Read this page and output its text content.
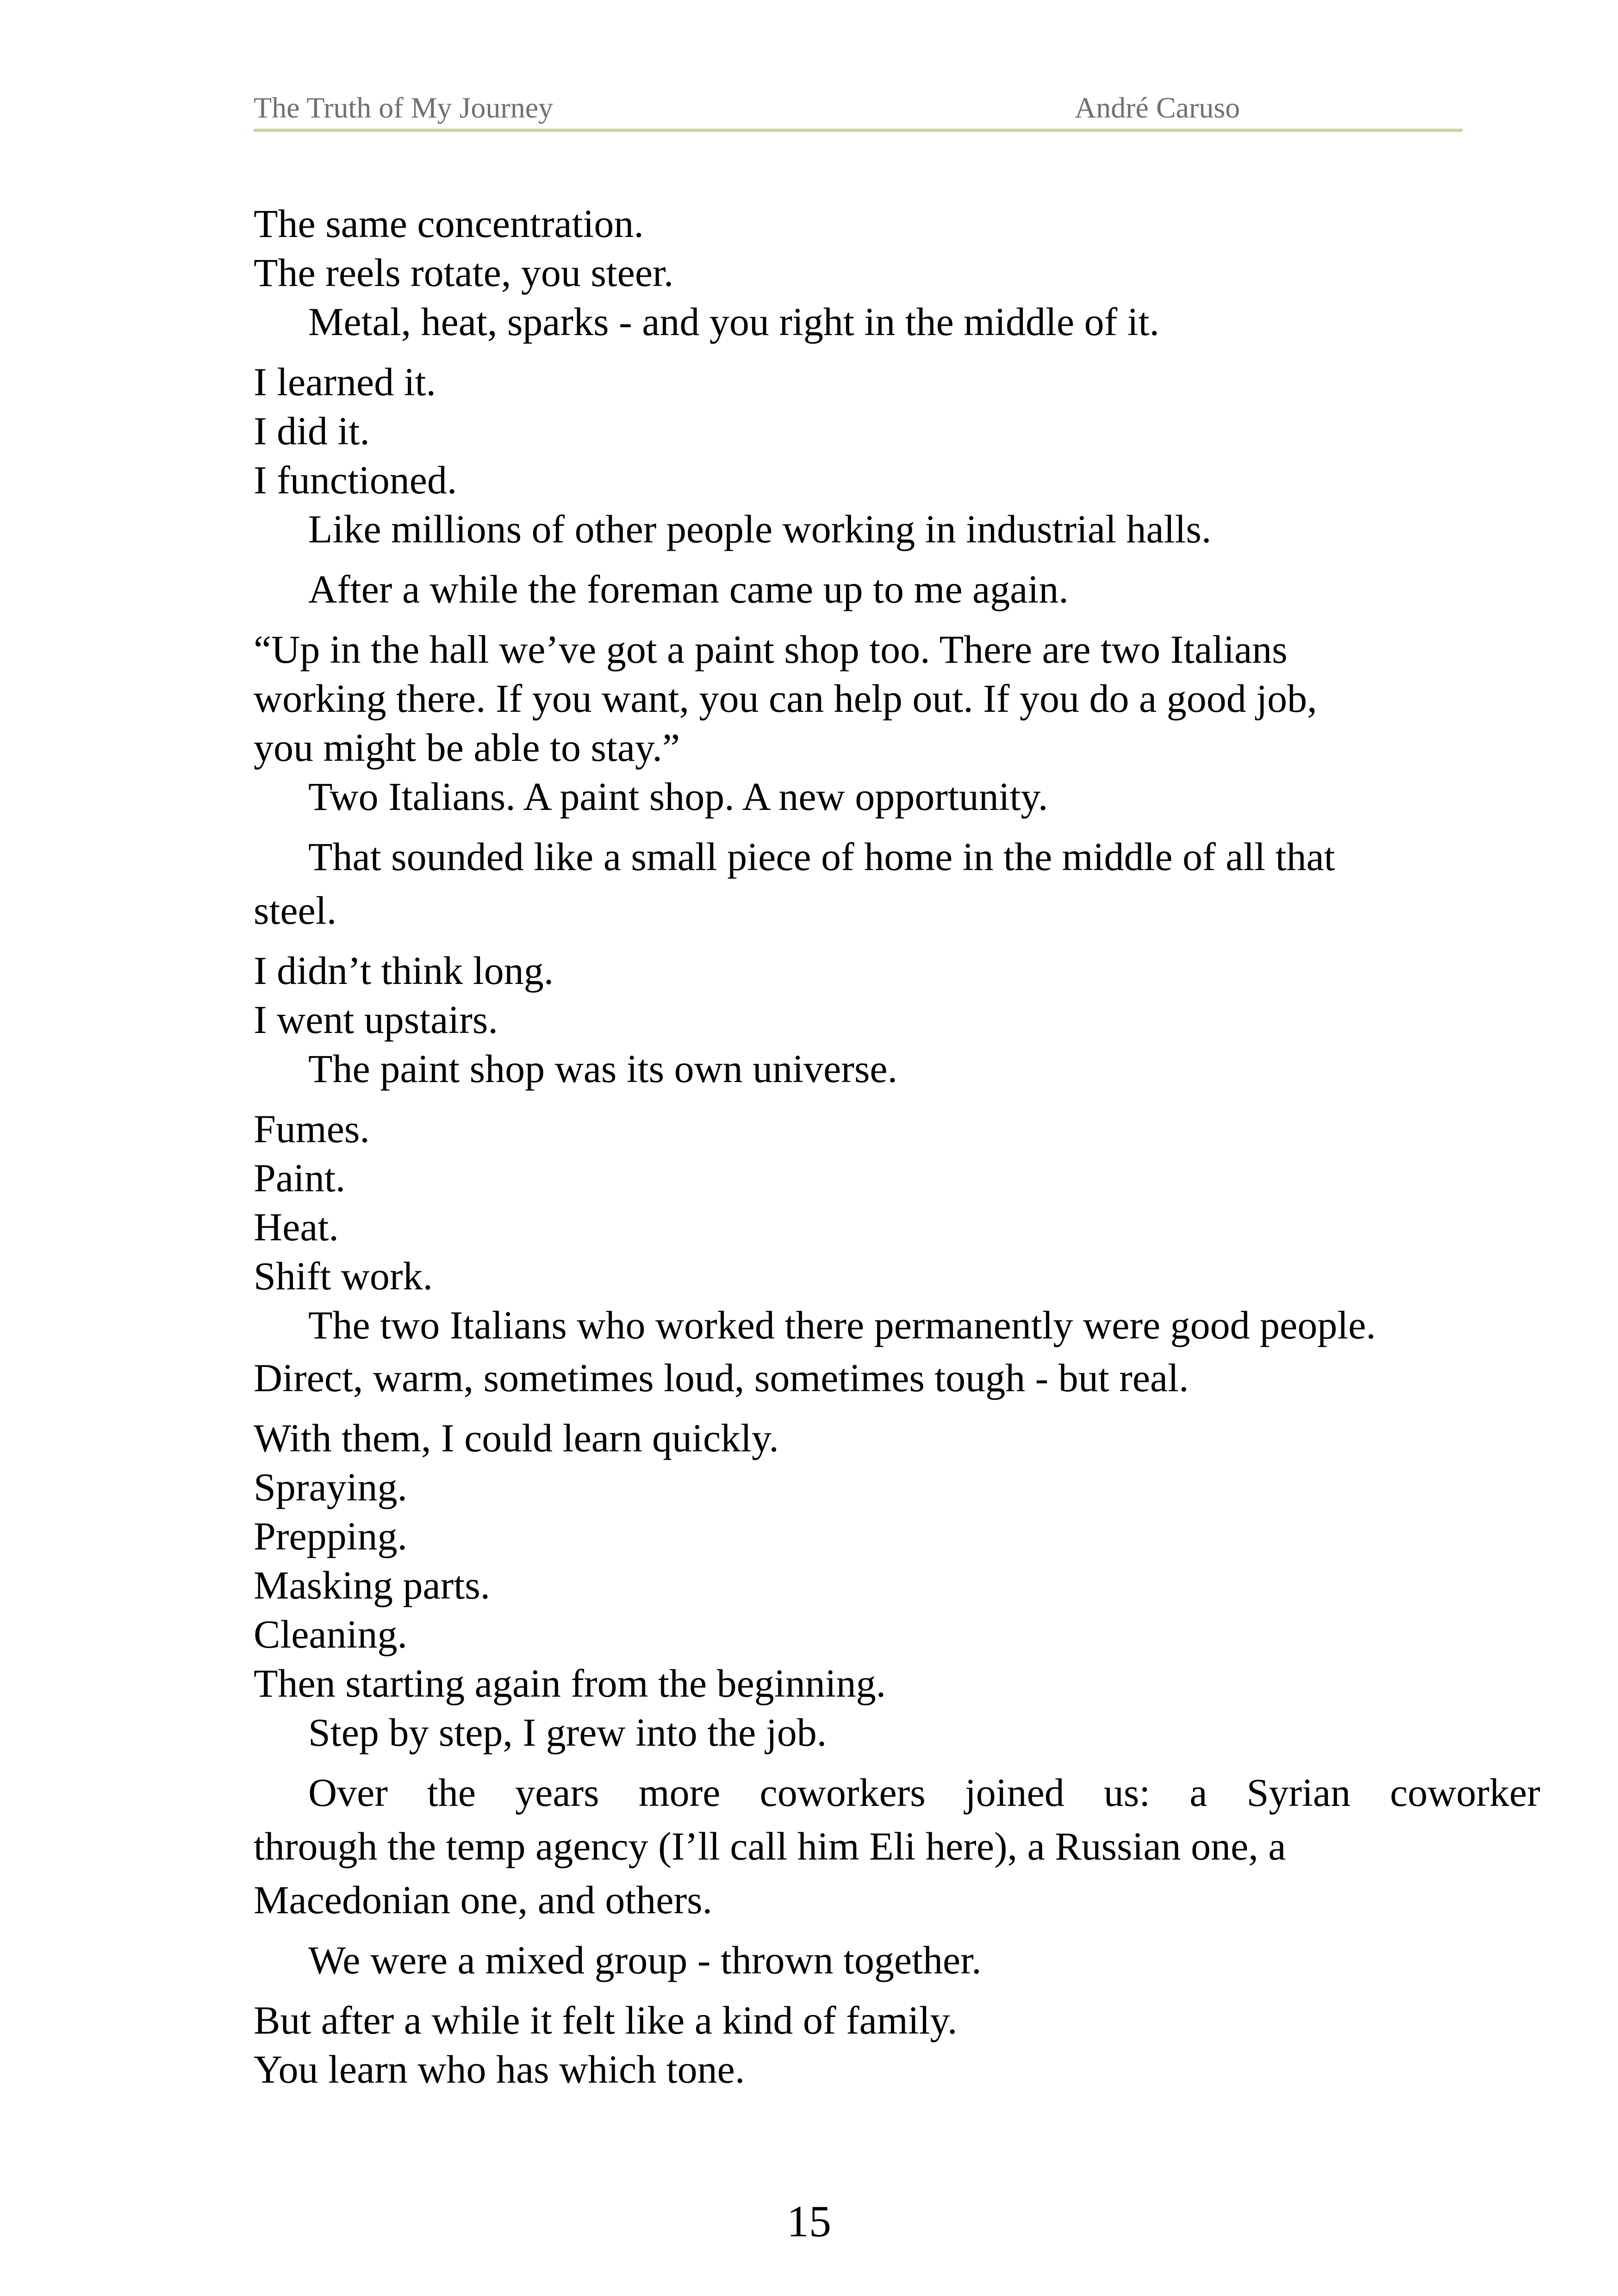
The Truth of My Journey	André Caruso
The same concentration.
The reels rotate, you steer.
Metal, heat, sparks - and you right in the middle of it.
I learned it.
I did it.
I functioned.
Like millions of other people working in industrial halls.
After a while the foreman came up to me again.
“Up in the hall we’ve got a paint shop too. There are two Italians
working there. If you want, you can help out. If you do a good job,
you might be able to stay.”
Two Italians. A paint shop. A new opportunity.
That sounded like a small piece of home in the middle of all that
steel.
I didn’t think long.
I went upstairs.
The paint shop was its own universe.
Fumes.
Paint.
Heat.
Shift work.
The two Italians who worked there permanently were good people.
Direct, warm, sometimes loud, sometimes tough - but real.
With them, I could learn quickly.
Spraying.
Prepping.
Masking parts.
Cleaning.
Then starting again from the beginning.
Step by step, I grew into the job.
Over the years more coworkers joined us: a Syrian coworker
through the temp agency (I’ll call him Eli here), a Russian one, a
Macedonian one, and others.
We were a mixed group - thrown together.
But after a while it felt like a kind of family.
You learn who has which tone.
15
